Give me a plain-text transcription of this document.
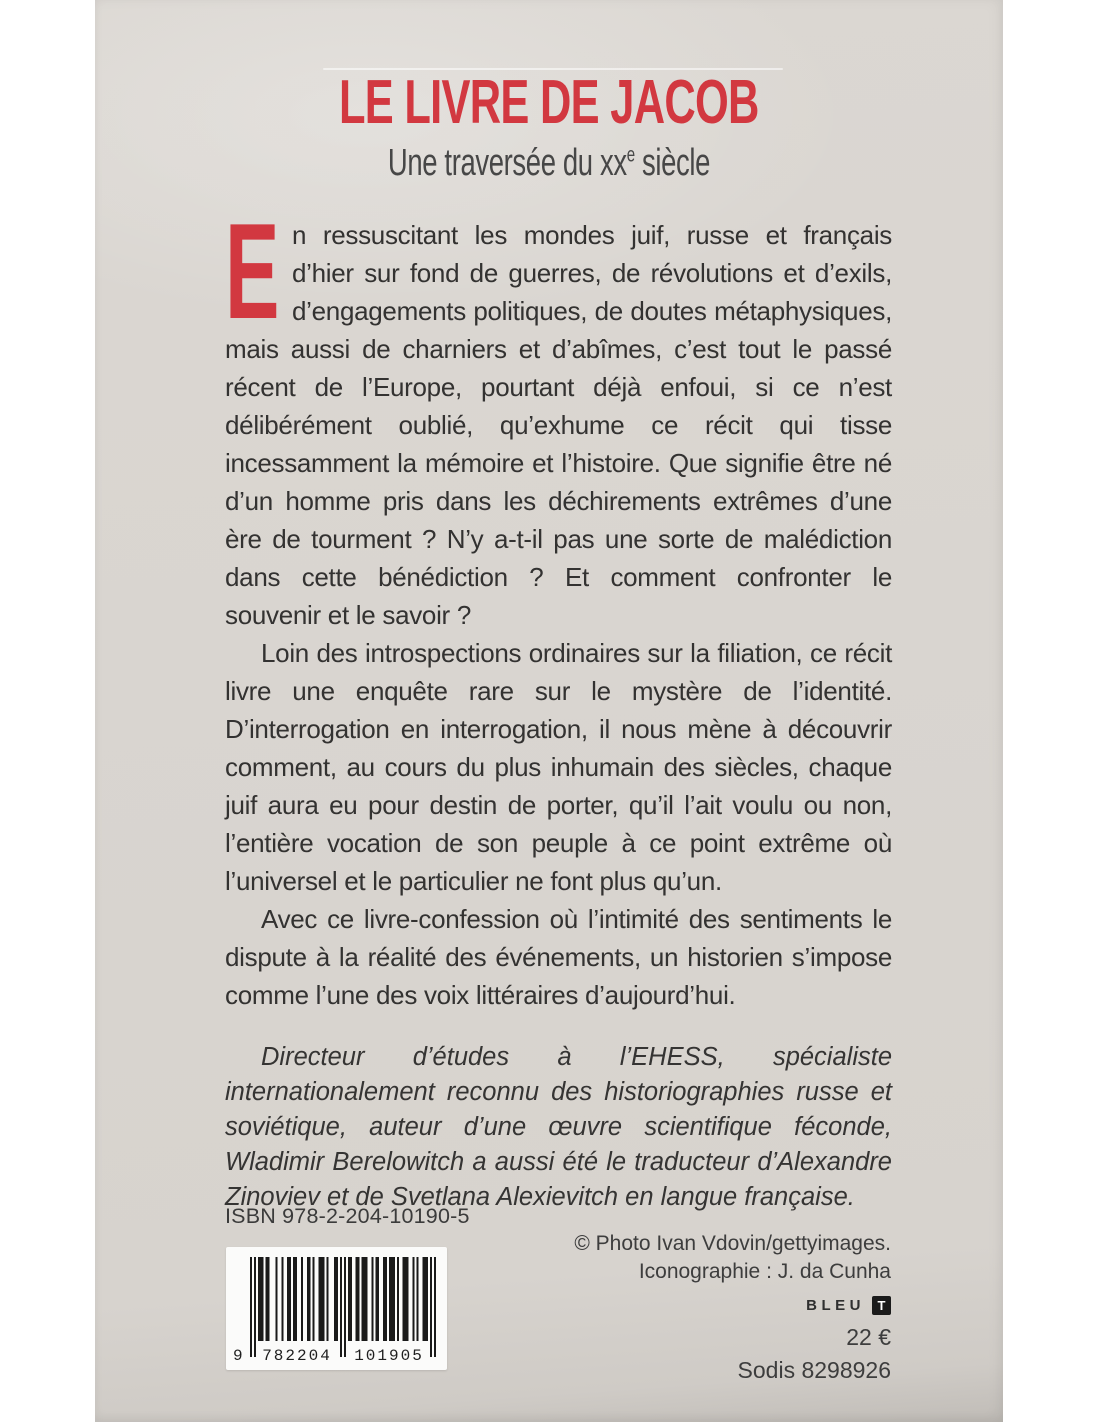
LE LIVRE DE JACOB
Une traversée du $xx^e$ siècle

En ressuscitant les mondes juif, russe et français d’hier sur fond de guerres, de révolutions et d’exils, d’engagements politiques, de doutes métaphysiques, mais aussi de charniers et d’abîmes, c’est tout le passé récent de l’Europe, pourtant déjà enfoui, si ce n’est délibérément oublié, qu’exhume ce récit qui tisse incessamment la mémoire et l’histoire. Que signifie être né d’un homme pris dans les déchirements extrêmes d’une ère de tourment ? N’y a-t-il pas une sorte de malédiction dans cette bénédiction ? Et comment confronter le souvenir et le savoir ?

Loin des introspections ordinaires sur la filiation, ce récit livre une enquête rare sur le mystère de l’identité. D’interrogation en interrogation, il nous mène à découvrir comment, au cours du plus inhumain des siècles, chaque juif aura eu pour destin de porter, qu’il l’ait voulu ou non, l’entière vocation de son peuple à ce point extrême où l’universel et le particulier ne font plus qu’un.

Avec ce livre-confession où l’intimité des sentiments le dispute à la réalité des événements, un historien s’impose comme l’une des voix littéraires d’aujourd’hui.

Directeur d’études à l’EHESS, spécialiste internationalement reconnu des historiographies russe et soviétique, auteur d’une œuvre scientifique féconde, Wladimir Berelowitch a aussi été le traducteur d’Alexandre Zinoviev et de Svetlana Alexievitch en langue française.

ISBN 978-2-204-10190-5
9	782204	101905
© Photo Ivan Vdovin/gettyimages.
Iconographie : J. da Cunha
BLEU T
22 €
Sodis 8298926
